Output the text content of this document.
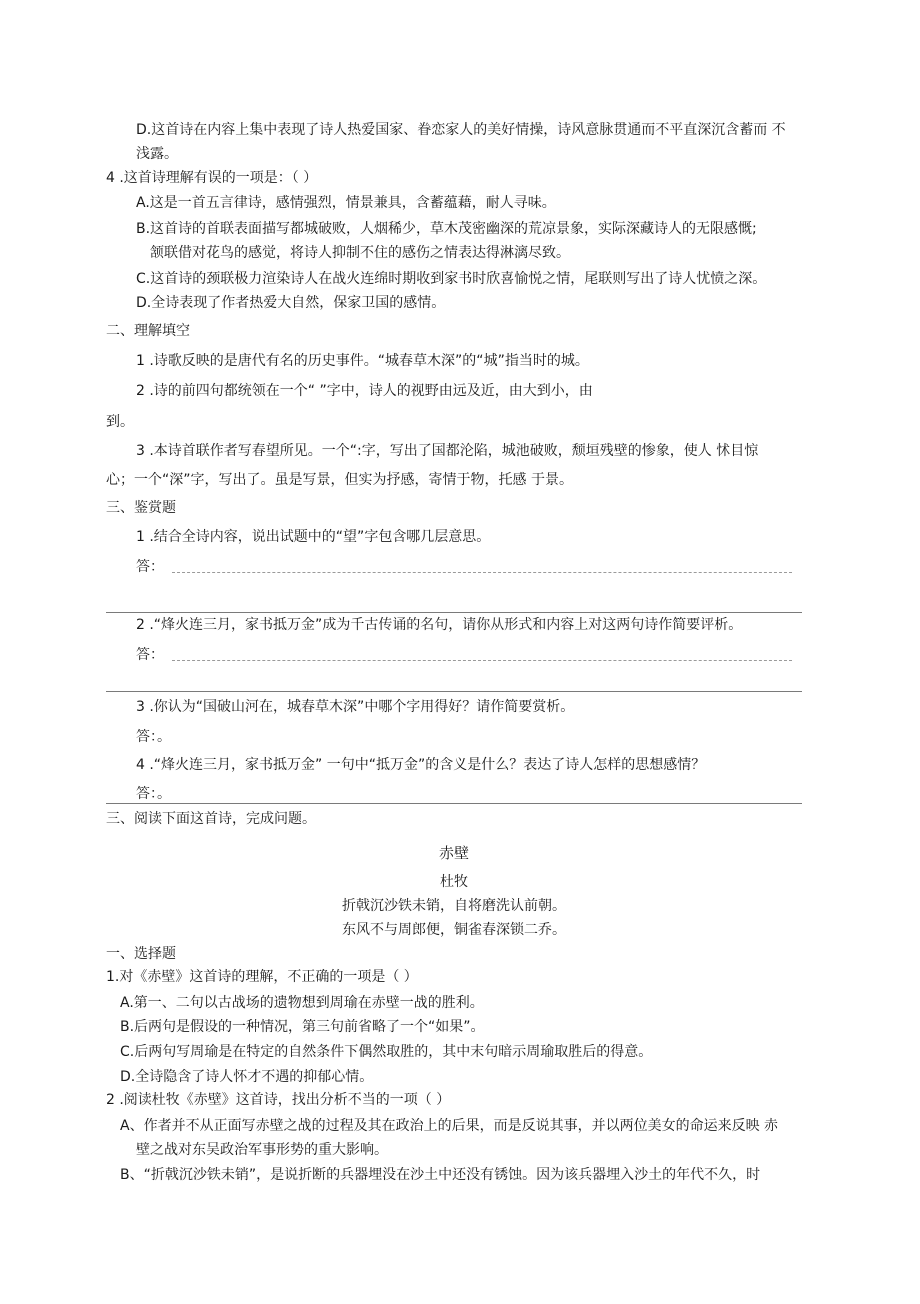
D.这首诗在内容上集中表现了诗人热爱国家、眷恋家人的美好情操，诗风意脉贯通而不平直深沉含蓄而 不
浅露。
4 .这首诗理解有误的一项是：（ ）
A.这是一首五言律诗，感情强烈，情景兼具，含蓄蕴藉，耐人寻味。
B.这首诗的首联表面描写都城破败，人烟稀少，草木茂密幽深的荒凉景象，实际深藏诗人的无限感慨;
颔联借对花鸟的感觉，将诗人抑制不住的感伤之情表达得淋漓尽致。
C.这首诗的颈联极力渲染诗人在战火连绵时期收到家书时欣喜愉悦之情，尾联则写出了诗人忧愤之深。
D.全诗表现了作者热爱大自然，保家卫国的感情。
二、理解填空
1 .诗歌反映的是唐代有名的历史事件。“城春草木深”的“城”指当时的城。
2 .诗的前四句都统领在一个“ ”字中，诗人的视野由远及近，由大到小，由
到。
3 .本诗首联作者写春望所见。一个“:字，写出了国都沦陷，城池破败，颓垣残壁的惨象，使人 怵目惊
心；一个“深”字，写出了。虽是写景，但实为抒感，寄情于物，托感 于景。
三、鉴赏题
1 .结合全诗内容，说出试题中的“望”字包含哪几层意思。
答：
2 .“烽火连三月，家书抵万金”成为千古传诵的名句，请你从形式和内容上对这两句诗作简要评析。
答：
3 .你认为“国破山河在，城春草木深”中哪个字用得好？请作简要赏析。
答：。
4 .“烽火连三月，家书抵万金” 一句中“抵万金”的含义是什么？表达了诗人怎样的思想感情？
答：。
三、阅读下面这首诗，完成问题。
赤壁
杜牧
折戟沉沙铁未销，自将磨洗认前朝。
东风不与周郎便，铜雀春深锁二乔。
一、选择题
1.对《赤壁》这首诗的理解，不正确的一项是（ ）
A.第一、二句以古战场的遗物想到周瑜在赤壁一战的胜利。
B.后两句是假设的一种情况，第三句前省略了一个“如果”。
C.后两句写周瑜是在特定的自然条件下偶然取胜的，其中末句暗示周瑜取胜后的得意。
D.全诗隐含了诗人怀才不遇的抑郁心情。
2 .阅读杜牧《赤壁》这首诗，找出分析不当的一项（ ）
A、作者并不从正面写赤壁之战的过程及其在政治上的后果，而是反说其事，并以两位美女的命运来反映 赤
壁之战对东吴政治军事形势的重大影响。
B、“折戟沉沙铁未销”，是说折断的兵器埋没在沙土中还没有锈蚀。因为该兵器埋入沙土的年代不久，时
